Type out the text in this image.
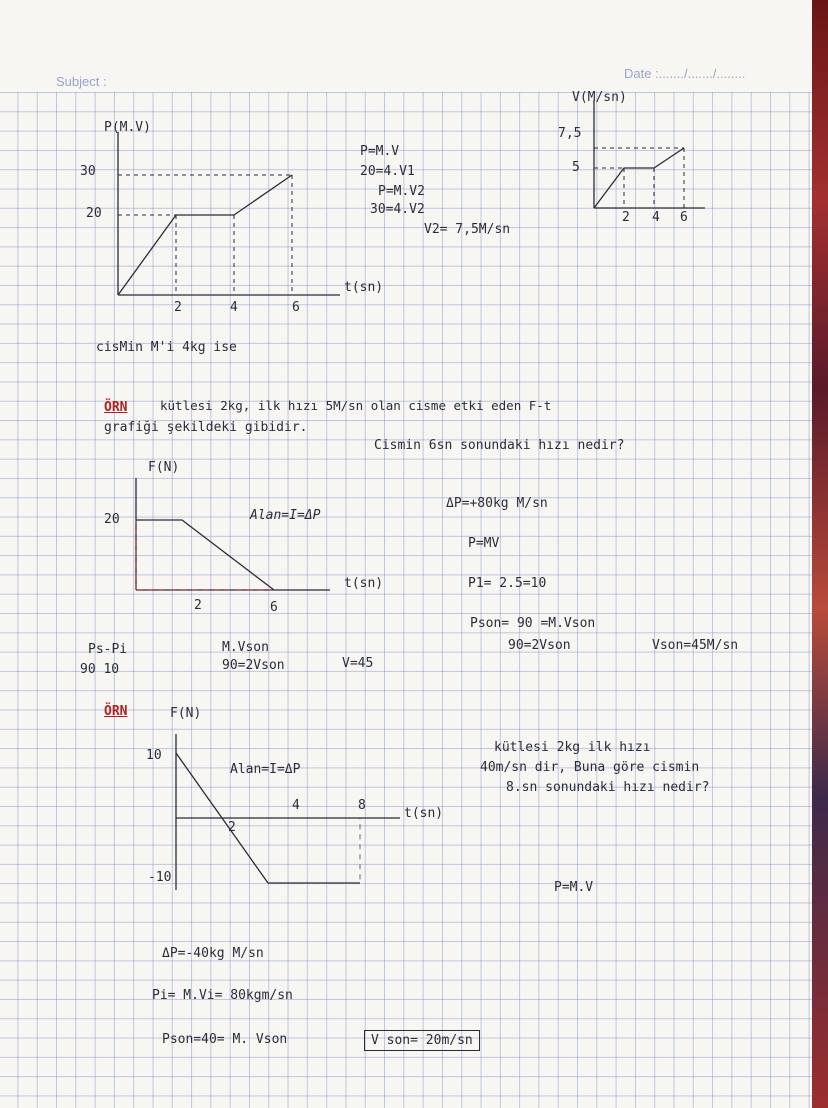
Subject :
Date :......./......./........
P(M.V)
30
20
2	4	6
t(sn)
P=M.V
20=4.V1
P=M.V2
30=4.V2
V2= 7,5M/sn
V(M/sn)
7,5
5
2 4 6
cisMin M'i 4kg ise
ÖRN	kütlesi 2kg, ilk hızı 5M/sn olan cisme etki eden F-t
grafiği şekildeki gibidir.
Cismin 6sn sonundaki hızı nedir?
F(N)
20
2	6
t(sn)
Alan=I=ΔP
ΔP=+80kg M/sn
P=MV
P1= 2.5=10
Pson= 90 =M.Vson
90=2Vson	Vson=45M/sn
Ps-Pi
90 10
M.Vson
90=2Vson	V=45
ÖRN	F(N)
10
-10
2
4	8
t(sn)
Alan=I=ΔP
kütlesi 2kg ilk hızı
40m/sn dir, Buna göre cismin
8.sn sonundaki hızı nedir?
P=M.V
ΔP=-40kg M/sn
Pi= M.Vi= 80kgm/sn
Pson=40= M. Vson	V son= 20m/sn
